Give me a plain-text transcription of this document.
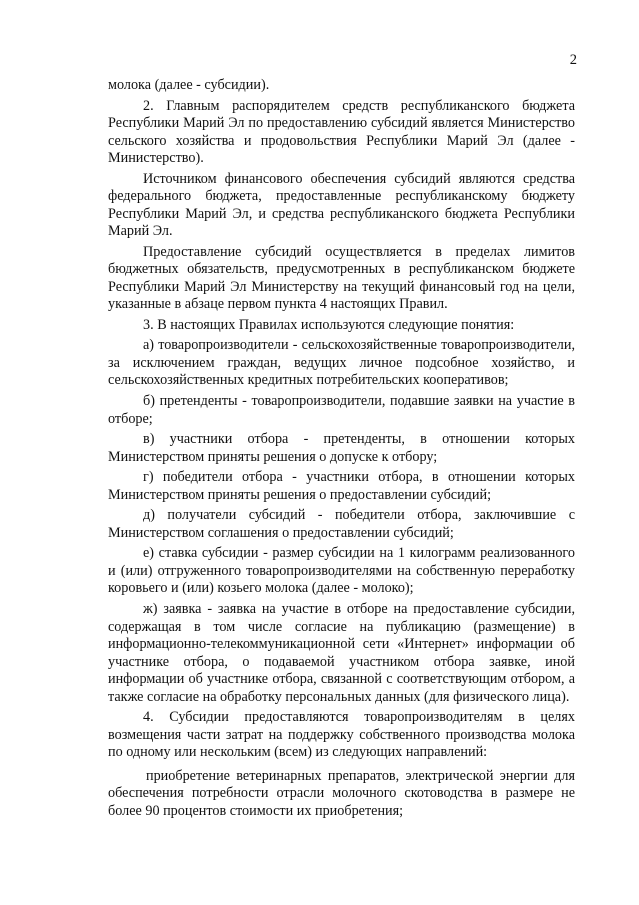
2

молока (далее - субсидии).

2. Главным распорядителем средств республиканского бюджета Республики Марий Эл по предоставлению субсидий является Министерство сельского хозяйства и продовольствия Республики Марий Эл (далее - Министерство).

Источником финансового обеспечения субсидий являются средства федерального бюджета, предоставленные республиканскому бюджету Республики Марий Эл, и средства республиканского бюджета Республики Марий Эл.

Предоставление субсидий осуществляется в пределах лимитов бюджетных обязательств, предусмотренных в республиканском бюджете Республики Марий Эл Министерству на текущий финансовый год на цели, указанные в абзаце первом пункта 4 настоящих Правил.

3. В настоящих Правилах используются следующие понятия:

а) товаропроизводители - сельскохозяйственные товаропроизводители, за исключением граждан, ведущих личное подсобное хозяйство, и сельскохозяйственных кредитных потребительских кооперативов;

б) претенденты - товаропроизводители, подавшие заявки на участие в отборе;

в) участники отбора - претенденты, в отношении которых Министерством приняты решения о допуске к отбору;

г) победители отбора - участники отбора, в отношении которых Министерством приняты решения о предоставлении субсидий;

д) получатели субсидий - победители отбора, заключившие с Министерством соглашения о предоставлении субсидий;

е) ставка субсидии - размер субсидии на 1 килограмм реализованного и (или) отгруженного товаропроизводителями на собственную переработку коровьего и (или) козьего молока (далее - молоко);

ж) заявка - заявка на участие в отборе на предоставление субсидии, содержащая в том числе согласие на публикацию (размещение) в информационно-телекоммуникационной сети «Интернет» информации об участнике отбора, о подаваемой участником отбора заявке, иной информации об участнике отбора, связанной с соответствующим отбором, а также согласие на обработку персональных данных (для физического лица).

4. Субсидии предоставляются товаропроизводителям в целях возмещения части затрат на поддержку собственного производства молока по одному или нескольким (всем) из следующих направлений:

приобретение ветеринарных препаратов, электрической энергии для обеспечения потребности отрасли молочного скотоводства в размере не более 90 процентов стоимости их приобретения;
